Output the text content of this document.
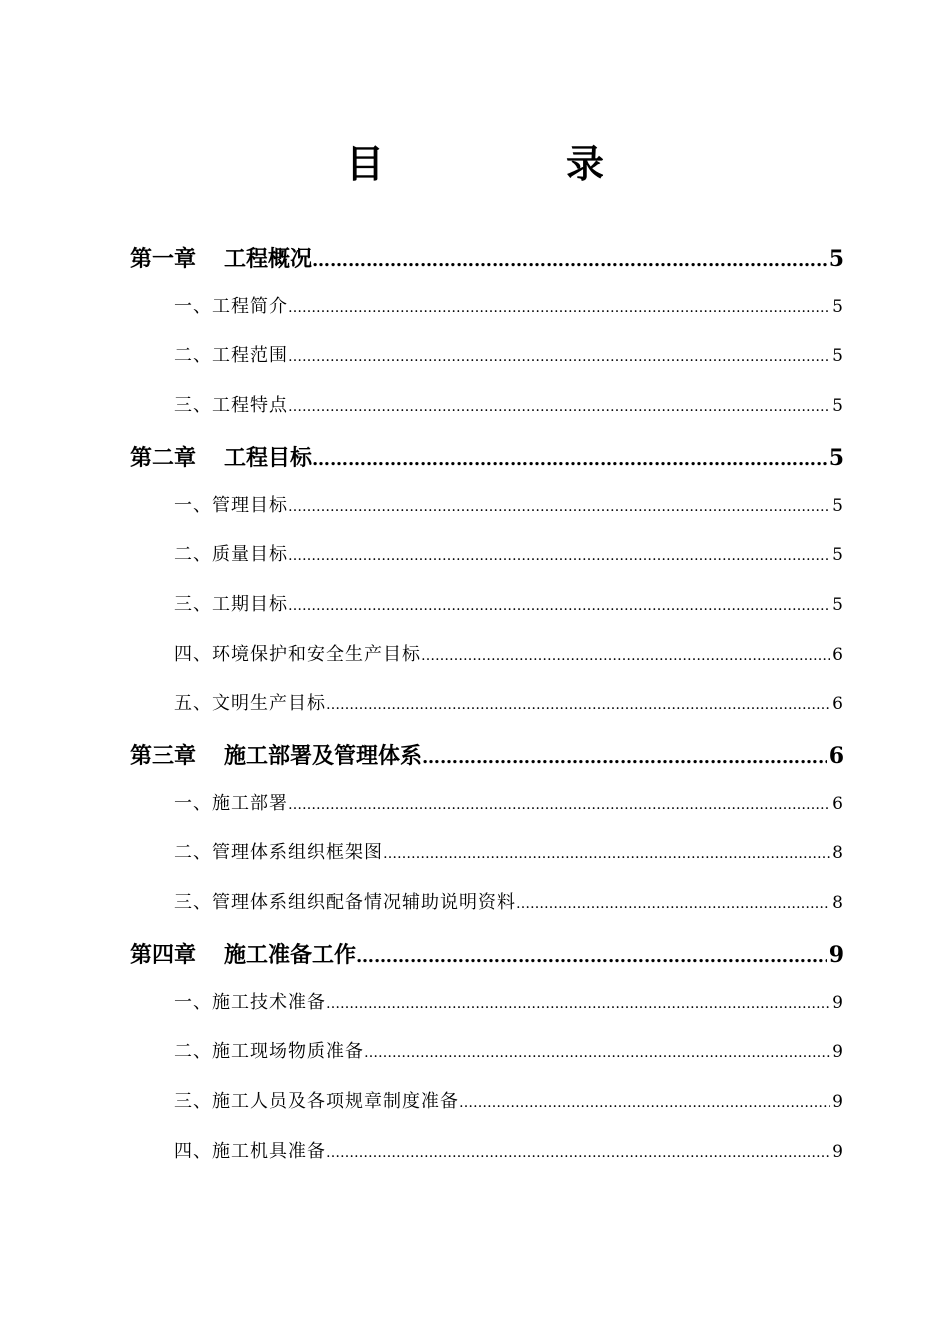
目　录
第一章 工程概况 …………………………………………………………………………………………………………………………………………………………………………………………………………………………………	5
一、 工程简介 …………………………………………………………………………………………………………………………………………………………………………………………………………………………………	5
二、 工程范围 …………………………………………………………………………………………………………………………………………………………………………………………………………………………………	5
三、 工程特点 …………………………………………………………………………………………………………………………………………………………………………………………………………………………………	5
第二章 工程目标 …………………………………………………………………………………………………………………………………………………………………………………………………………………………………	5
一、 管理目标 …………………………………………………………………………………………………………………………………………………………………………………………………………………………………	5
二、 质量目标 …………………………………………………………………………………………………………………………………………………………………………………………………………………………………	5
三、 工期目标 …………………………………………………………………………………………………………………………………………………………………………………………………………………………………	5
四、 环境保护和安全生产目标 …………………………………………………………………………………………………………………………………………………………………………………………………………………………………	6
五、 文明生产目标 …………………………………………………………………………………………………………………………………………………………………………………………………………………………………	6
第三章 施工部署及管理体系 …………………………………………………………………………………………………………………………………………………………………………………………………………………………………	6
一、 施工部署 …………………………………………………………………………………………………………………………………………………………………………………………………………………………………	6
二、 管理体系组织框架图 …………………………………………………………………………………………………………………………………………………………………………………………………………………………………	8
三、 管理体系组织配备情况辅助说明资料 …………………………………………………………………………………………………………………………………………………………………………………………………………………………………	8
第四章 施工准备工作 …………………………………………………………………………………………………………………………………………………………………………………………………………………………………	9
一、 施工技术准备 …………………………………………………………………………………………………………………………………………………………………………………………………………………………………	9
二、 施工现场物质准备 …………………………………………………………………………………………………………………………………………………………………………………………………………………………………	9
三、 施工人员及各项规章制度准备 …………………………………………………………………………………………………………………………………………………………………………………………………………………………………	9
四、 施工机具准备 …………………………………………………………………………………………………………………………………………………………………………………………………………………………………	9
